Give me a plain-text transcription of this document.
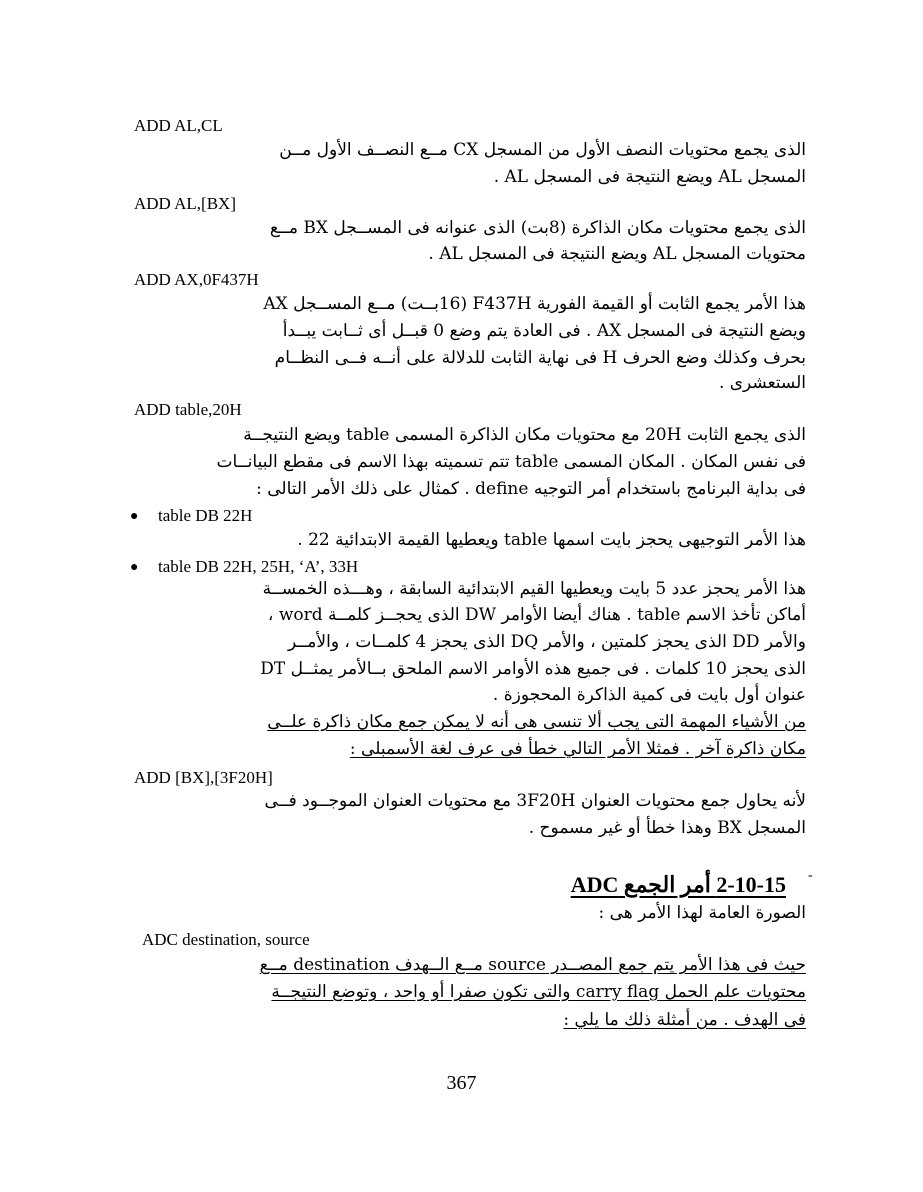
ADD AL,CL
الذى يجمع محتويات النصف الأول من المسجل CX مــع النصــف الأول مــن
المسجل AL ويضع النتيجة فى المسجل AL .
ADD AL,[BX]
الذى يجمع محتويات مكان الذاكرة (8بت) الذى عنوانه فى المســجل BX مــع
محتويات المسجل AL ويضع النتيجة فى المسجل AL .
ADD AX,0F437H
هذا الأمر يجمع الثابت أو القيمة الفورية F437H (16بــت) مــع المســجل AX
ويضع النتيجة فى المسجل AX . فى العادة يتم وضع 0 قبــل أى ثــابت يبــدأ
بحرف وكذلك وضع الحرف H فى نهاية الثابت للدلالة على أنــه فــى النظــام
الستعشرى .
ADD table,20H
الذى يجمع الثابت 20H مع محتويات مكان الذاكرة المسمى table ويضع النتيجــة
فى نفس المكان . المكان المسمى table تتم تسميته بهذا الاسم فى مقطع البيانــات
فى بداية البرنامج باستخدام أمر التوجيه define . كمثال على ذلك الأمر التالى :
● table DB 22H
هذا الأمر التوجيهى يحجز بايت اسمها table ويعطيها القيمة الابتدائية 22 .
● table DB 22H, 25H, ‘A’, 33H
هذا الأمر يحجز عدد 5 بايت ويعطيها القيم الابتدائية السابقة ، وهـــذه الخمســة
أماكن تأخذ الاسم table . هناك أيضا الأوامر DW الذى يحجــز كلمــة word ،
والأمر DD الذى يحجز كلمتين ، والأمر DQ الذى يحجز 4 كلمــات ، والأمــر
DT الذى يحجز 10 كلمات . فى جميع هذه الأوامر الاسم الملحق بــالأمر يمثــل
عنوان أول بايت فى كمية الذاكرة المحجوزة .
من الأشياء المهمة التى يجب ألا تنسى هى أنه لا يمكن جمع مكان ذاكرة علــى
مكان ذاكرة آخر . فمثلا الأمر التالي خطأ فى عرف لغة الأسمبلى :
ADD [BX],[3F20H]
لأنه يحاول جمع محتويات العنوان 3F20H مع محتويات العنوان الموجــود فــى
المسجل BX وهذا خطأ أو غير مسموح .
-
2-10-15 أمر الجمع ADC
الصورة العامة لهذا الأمر هى :
ADC destination, source
حيث فى هذا الأمر يتم جمع المصــدر source مــع الــهدف destination مــع
محتويات علم الحمل carry flag والتى تكون صفرا أو واحد ، وتوضع النتيجــة
فى الهدف . من أمثلة ذلك ما يلي :
367
